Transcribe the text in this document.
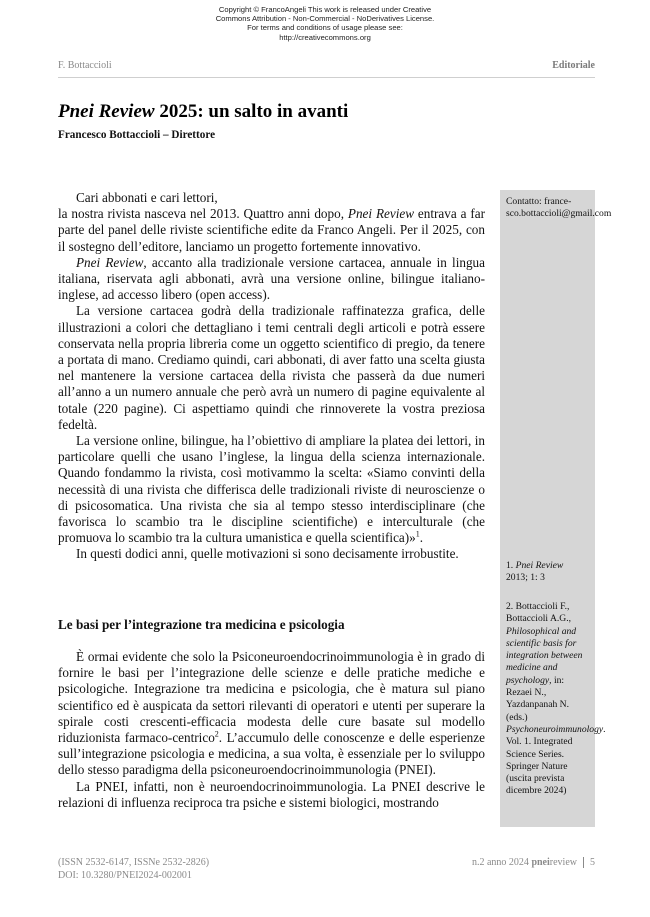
Copyright © FrancoAngeli This work is released under Creative
Commons Attribution - Non-Commercial - NoDerivatives License.
For terms and conditions of usage please see:
http://creativecommons.org
F. Bottaccioli	Editoriale
Pnei Review 2025: un salto in avanti
Francesco Bottaccioli – Direttore
Contatto: france-sco.bottaccioli@gmail.com

Cari abbonati e cari lettori,

la nostra rivista nasceva nel 2013. Quattro anni dopo, Pnei Review entrava a far parte del panel delle riviste scientifiche edite da Franco Angeli. Per il 2025, con il sostegno dell’editore, lanciamo un progetto fortemente innovativo.

Pnei Review, accanto alla tradizionale versione cartacea, annuale in lingua italiana, riservata agli abbonati, avrà una versione online, bilingue italiano-inglese, ad accesso libero (open access).

La versione cartacea godrà della tradizionale raffinatezza grafica, delle illustrazioni a colori che dettagliano i temi centrali degli articoli e potrà essere conservata nella propria libreria come un oggetto scientifico di pregio, da tenere a portata di mano. Crediamo quindi, cari abbonati, di aver fatto una scelta giusta nel mantenere la versione cartacea della rivista che passerà da due numeri all’anno a un numero annuale che però avrà un numero di pagine equivalente al totale (220 pagine). Ci aspettiamo quindi che rinnoverete la vostra preziosa fedeltà.

La versione online, bilingue, ha l’obiettivo di ampliare la platea dei lettori, in particolare quelli che usano l’inglese, la lingua della scienza internazionale. Quando fondammo la rivista, così motivammo la scelta: «Siamo convinti della necessità di una rivista che differisca delle tradizionali riviste di neuroscienze o di psicosomatica. Una rivista che sia al tempo stesso interdisciplinare (che favorisca lo scambio tra le discipline scientifiche) e interculturale (che promuova lo scambio tra la cultura umanistica e quella scientifica)»$^1$.

In questi dodici anni, quelle motivazioni si sono decisamente irrobustite.

1. Pnei Review
2013; 1: 3
Le basi per l’integrazione tra medicina e psicologia
2. Bottaccioli F., Bottaccioli A.G., Philosophical and scientific basis for integration between medicine and psychology, in: Rezaei N., Yazdanpanah N. (eds.) Psychoneuroimmunology. Vol. 1. Integrated Science Series. Springer Nature (uscita prevista dicembre 2024)

È ormai evidente che solo la Psiconeuroendocrinoimmunologia è in grado di fornire le basi per l’integrazione delle scienze e delle pratiche mediche e psicologiche. Integrazione tra medicina e psicologia, che è matura sul piano scientifico ed è auspicata da settori rilevanti di operatori e utenti per superare la spirale costi crescenti-efficacia modesta delle cure basate sul modello riduzionista farmaco-centrico$^2$. L’accumulo delle conoscenze e delle esperienze sull’integrazione psicologia e medicina, a sua volta, è essenziale per lo sviluppo dello stesso paradigma della psiconeuroendocrinoimmunologia (PNEI).

La PNEI, infatti, non è neuroendocrinoimmunologia. La PNEI descrive le relazioni di influenza reciproca tra psiche e sistemi biologici, mostrando

(ISSN 2532-6147, ISSNe 2532-2826)
DOI: 10.3280/PNEI2024-002001
n.2 anno 2024 pneireview 5
